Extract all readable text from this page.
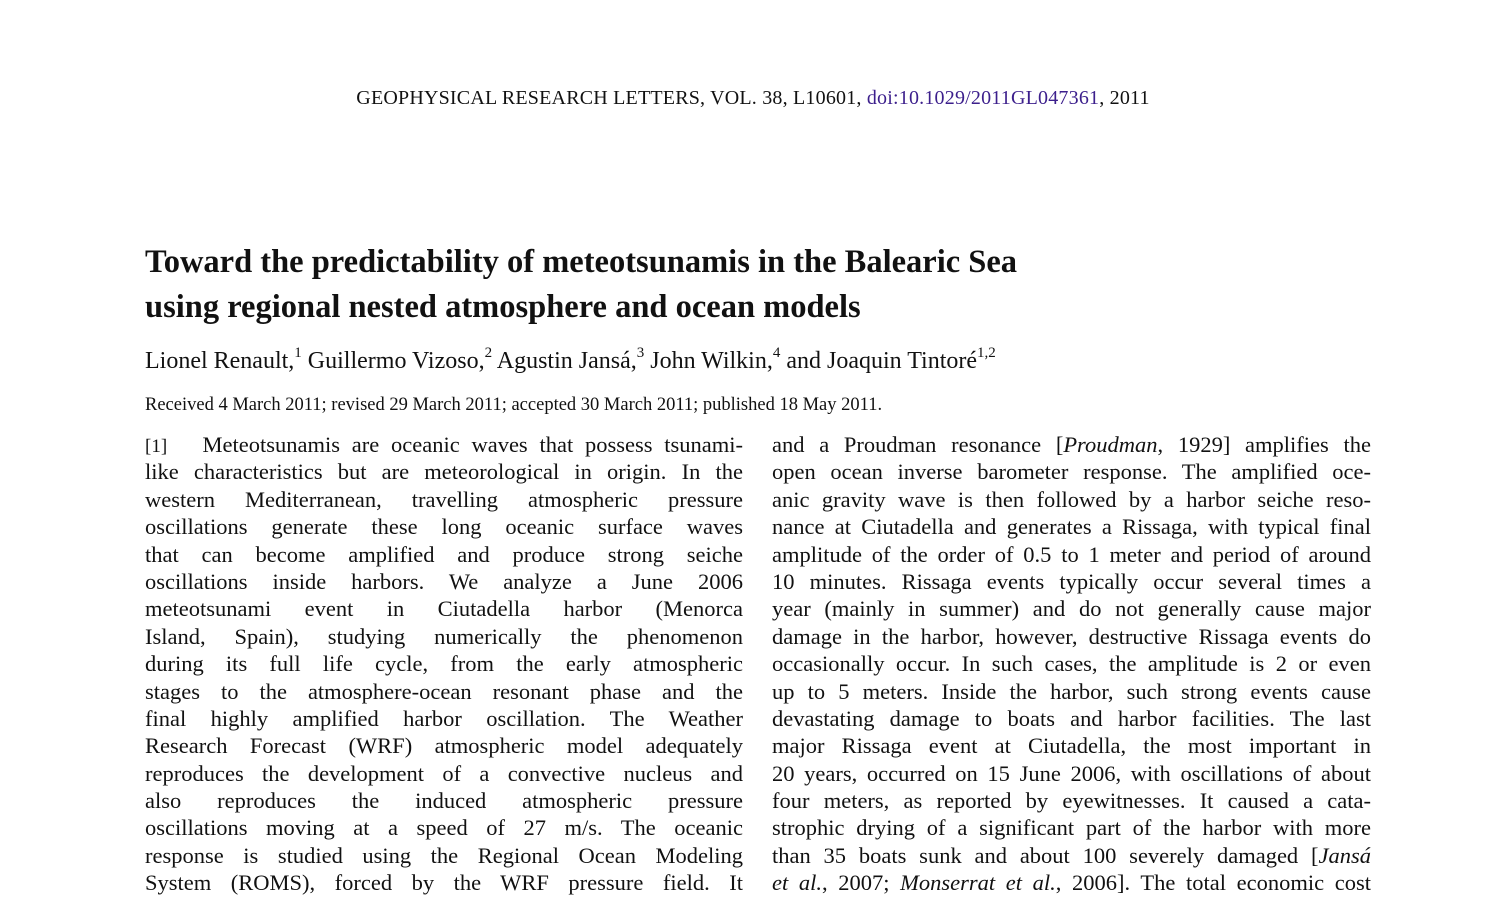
GEOPHYSICAL RESEARCH LETTERS, VOL. 38, L10601, doi:10.1029/2011GL047361, 2011
Toward the predictability of meteotsunamis in the Balearic Sea
using regional nested atmosphere and ocean models
Lionel Renault,$^1$ Guillermo Vizoso,$^2$ Agustin Jansá,$^3$ John Wilkin,$^4$ and Joaquin Tintoré$^{1,2}$
Received 4 March 2011; revised 29 March 2011; accepted 30 March 2011; published 18 May 2011.
[1] Meteotsunamis are oceanic waves that possess tsunami-
like characteristics but are meteorological in origin. In the
western Mediterranean, travelling atmospheric pressure
oscillations generate these long oceanic surface waves
that can become amplified and produce strong seiche
oscillations inside harbors. We analyze a June 2006
meteotsunami event in Ciutadella harbor (Menorca
Island, Spain), studying numerically the phenomenon
during its full life cycle, from the early atmospheric
stages to the atmosphere-ocean resonant phase and the
final highly amplified harbor oscillation. The Weather
Research Forecast (WRF) atmospheric model adequately
reproduces the development of a convective nucleus and
also reproduces the induced atmospheric pressure
oscillations moving at a speed of 27 m/s. The oceanic
response is studied using the Regional Ocean Modeling
System (ROMS), forced by the WRF pressure field. It
and a Proudman resonance [Proudman, 1929] amplifies the
open ocean inverse barometer response. The amplified oce-
anic gravity wave is then followed by a harbor seiche reso-
nance at Ciutadella and generates a Rissaga, with typical final
amplitude of the order of 0.5 to 1 meter and period of around
10 minutes. Rissaga events typically occur several times a
year (mainly in summer) and do not generally cause major
damage in the harbor, however, destructive Rissaga events do
occasionally occur. In such cases, the amplitude is 2 or even
up to 5 meters. Inside the harbor, such strong events cause
devastating damage to boats and harbor facilities. The last
major Rissaga event at Ciutadella, the most important in
20 years, occurred on 15 June 2006, with oscillations of about
four meters, as reported by eyewitnesses. It caused a cata-
strophic drying of a significant part of the harbor with more
than 35 boats sunk and about 100 severely damaged [Jansá
et al., 2007; Monserrat et al., 2006]. The total economic cost
